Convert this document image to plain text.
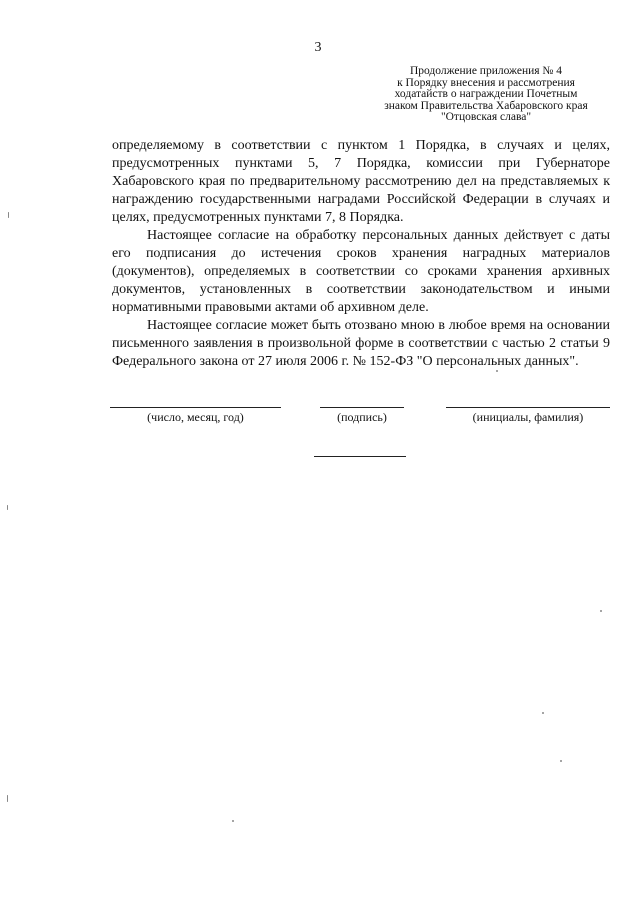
3
Продолжение приложения № 4
к Порядку внесения и рассмотрения
ходатайств о награждении Почетным
знаком Правительства Хабаровского края
"Отцовская слава"

определяемому в соответствии с пунктом 1 Порядка, в случаях и целях, предусмотренных пунктами 5, 7 Порядка, комиссии при Губернаторе Хабаровского края по предварительному рассмотрению дел на представляемых к награждению государственными наградами Российской Федерации в случаях и целях, предусмотренных пунктами 7, 8 Порядка.

Настоящее согласие на обработку персональных данных действует с даты его подписания до истечения сроков хранения наградных материалов (документов), определяемых в соответствии со сроками хранения архивных документов, установленных в соответствии законодательством и иными нормативными правовыми актами об архивном деле.

Настоящее согласие может быть отозвано мною в любое время на основании письменного заявления в произвольной форме в соответствии с частью 2 статьи 9 Федерального закона от 27 июля 2006 г. № 152-ФЗ "О персональных данных".

(число, месяц, год)	(подпись)	(инициалы, фамилия)
